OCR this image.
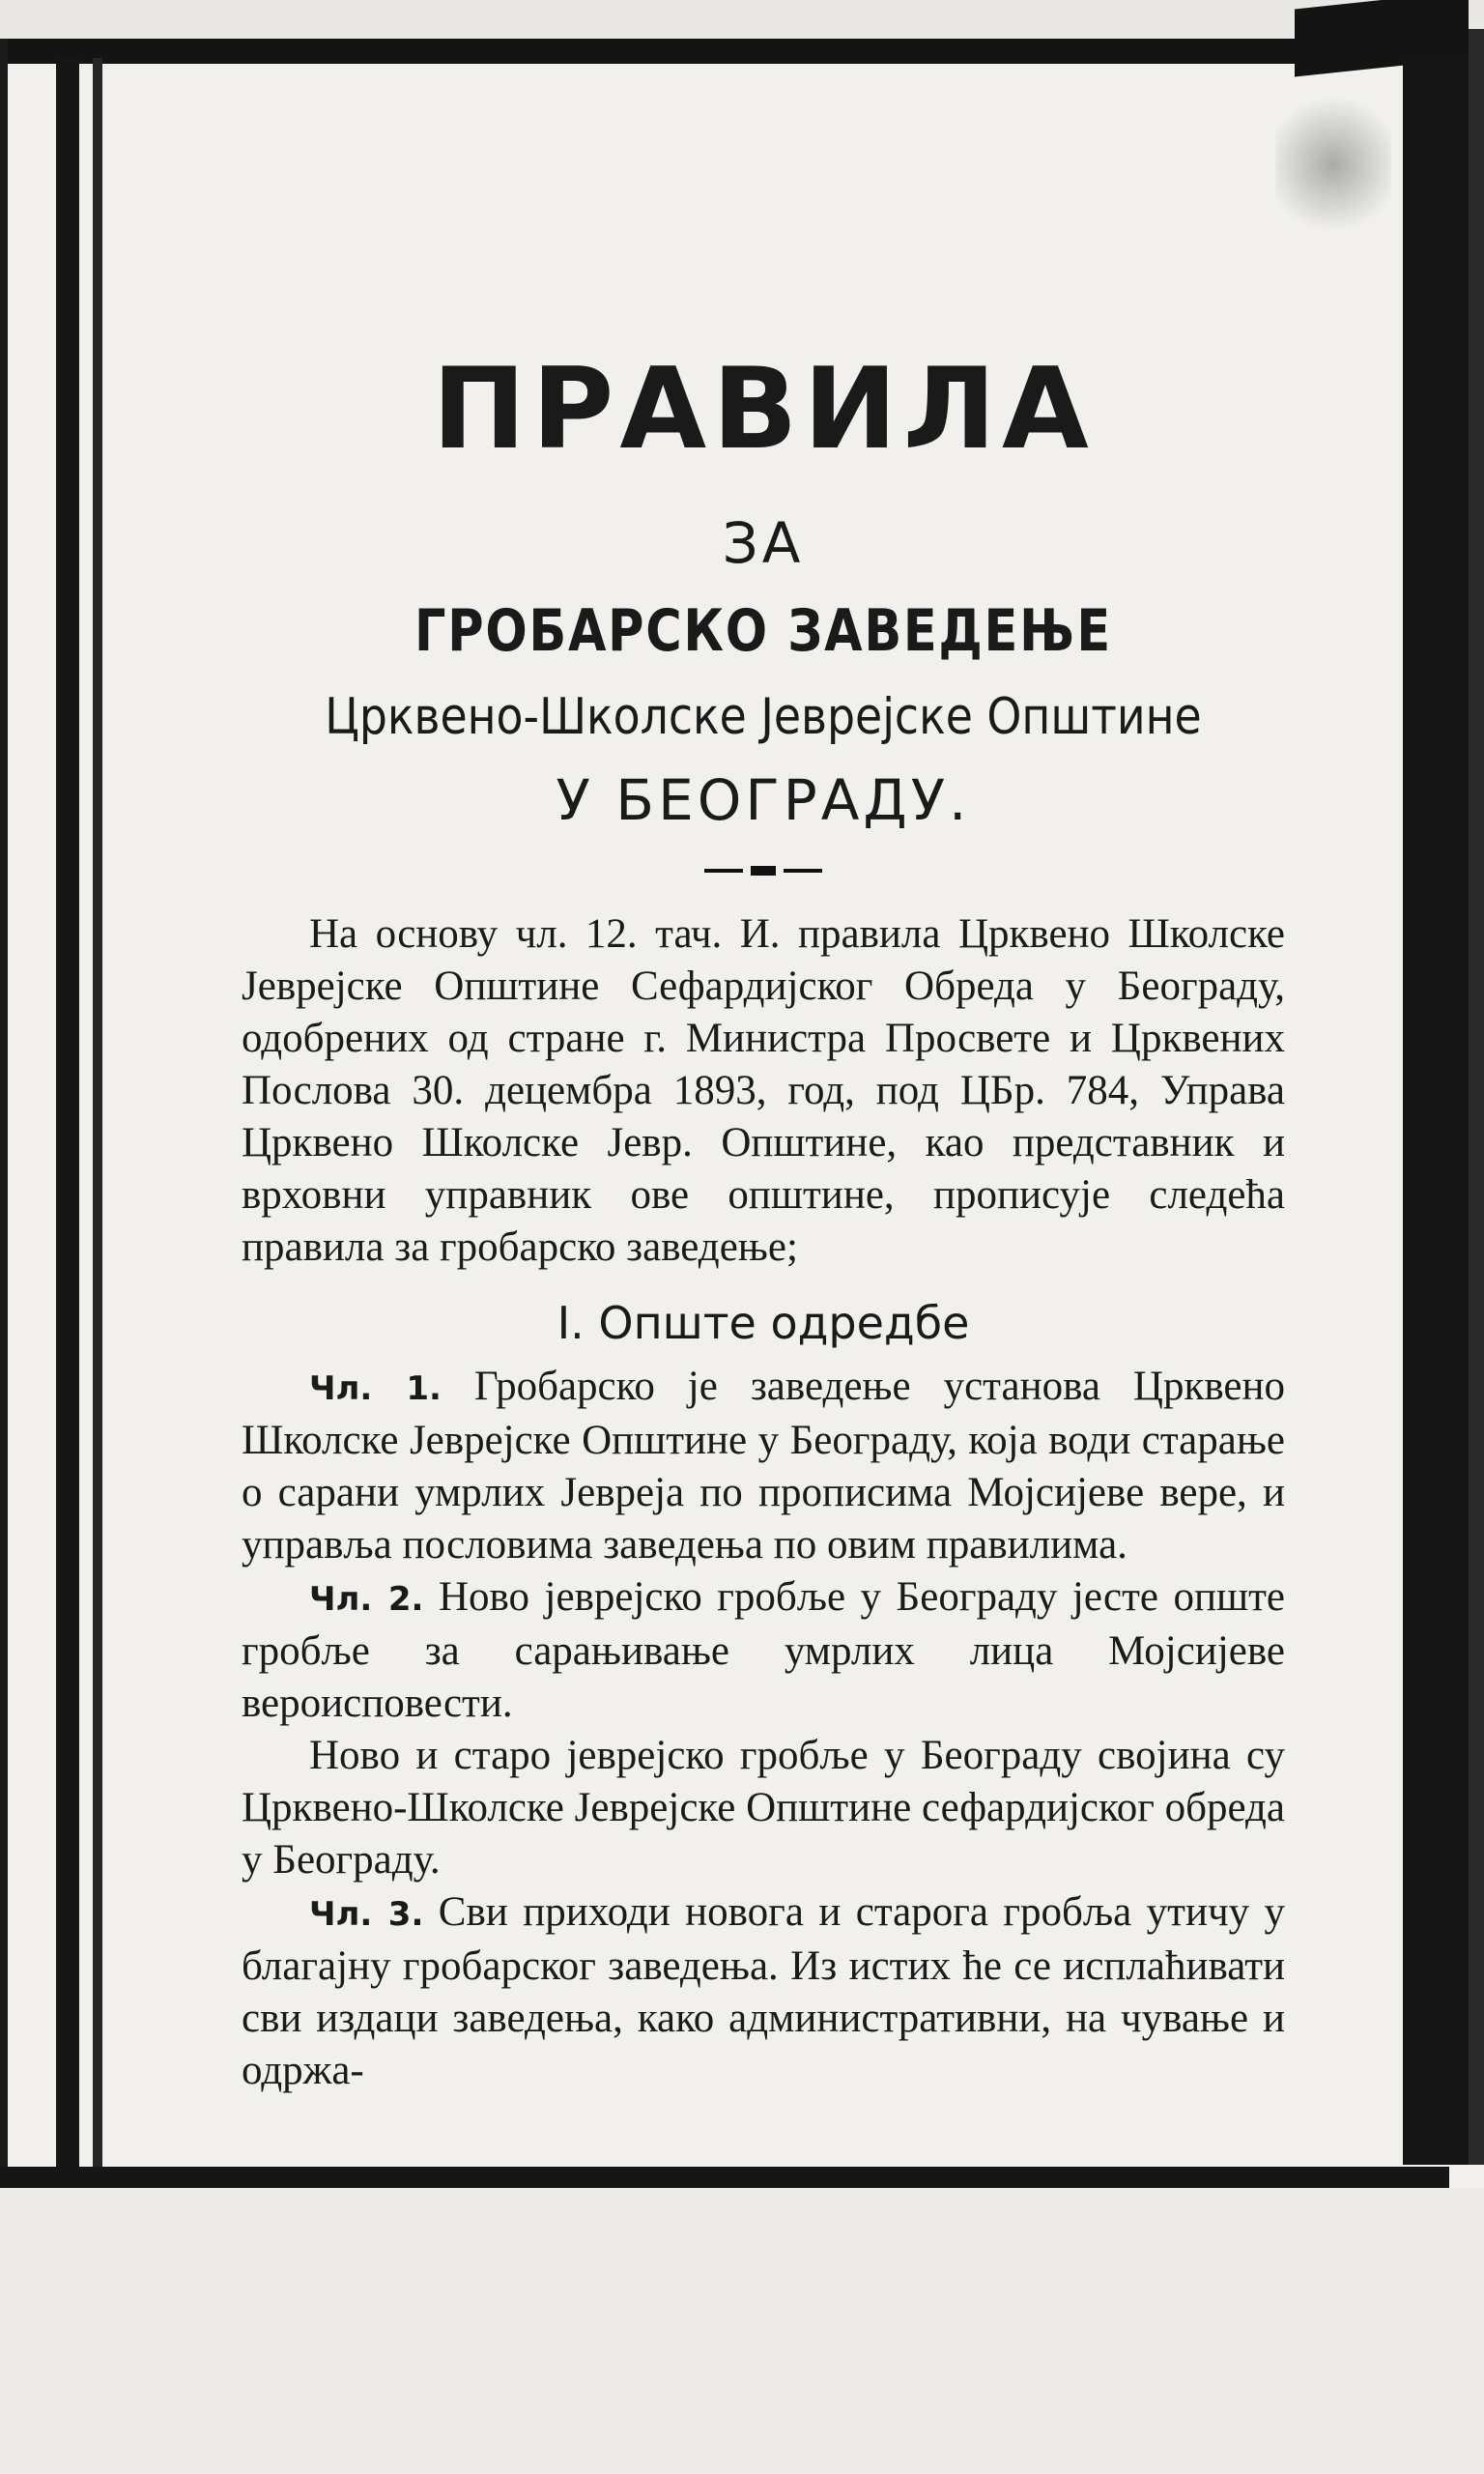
ПРАВИЛА
ЗА
ГРОБАРСКО ЗАВЕДЕЊЕ
Црквено-Школске Јеврејске Општине
У БЕОГРАДУ.

На основу чл. 12. тач. И. правила Црквено Школске Јеврејске Општине Сефардијског Обреда у Београду, одобрених од стране г. Министра Просвете и Црквених Послова 30. децембра 1893, год, под ЦБр. 784, Управа Црквено Школске Јевр. Општине, као представник и врховни управник ове општине, прописује следећа правила за гробарско заведење;

I. Опште одредбе

Чл. 1. Гробарско је заведење установа Црквено Школске Јеврејске Општине у Београду, која води старање о сарани умрлих Јевреја по прописима Мојсијеве вере, и управља пословима заведења по овим правилима.

Чл. 2. Ново јеврејско гробље у Београду јесте опште гробље за сарањивање умрлих лица Мојсијеве вероисповести.

Ново и старо јеврејско гробље у Београду својина су Црквено-Школске Јеврејске Општине сефардијског обреда у Београду.

Чл. 3. Сви приходи новога и старога гробља утичу у благајну гробарског заведења. Из истих ће се исплаћивати сви издаци заведења, како административни, на чување и одржа-
